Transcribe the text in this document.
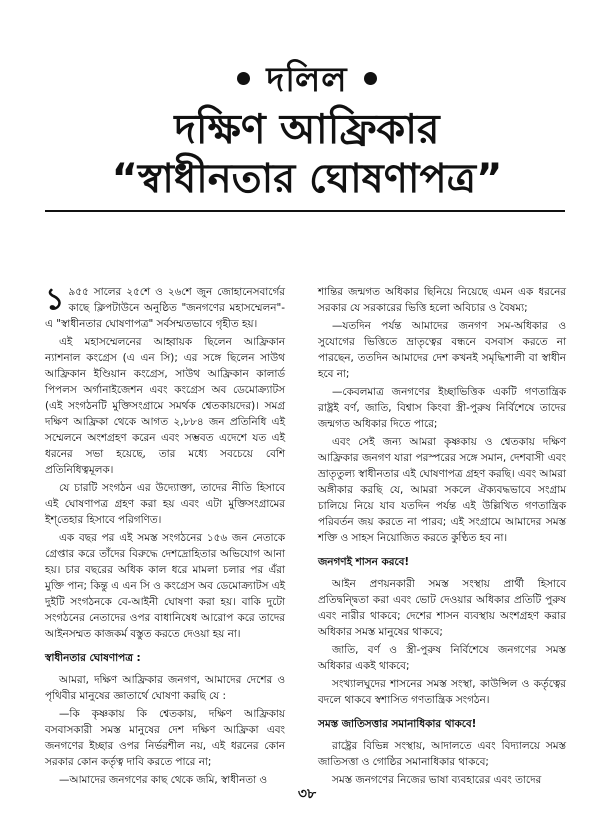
দলিল
দক্ষিণ আফ্রিকার
“স্বাধীনতার ঘোষণাপত্র”

১ ৯৫৫ সালের ২৫শে ও ২৬শে জুন জোহানেসবার্গের কাছে ক্লিপটাউনে অনুষ্ঠিত "জনগণের মহাসম্মেলন"-এ "স্বাধীনতার ঘোষণাপত্র" সর্বসম্মতভাবে গৃহীত হয়।

এই মহাসম্মেলনের আহ্বায়ক ছিলেন আফ্রিকান ন্যাশনাল কংগ্রেস (এ এন সি); এর সঙ্গে ছিলেন সাউথ আফ্রিকান ইণ্ডিয়ান কংগ্রেস, সাউথ আফ্রিকান কালার্ড পিপলস অর্গানাইজেশন এবং কংগ্রেস অব ডেমোক্র্যাটস (এই সংগঠনটি মুক্তিসংগ্রামে সমর্থক শ্বেতকায়দের)। সমগ্র দক্ষিণ আফ্রিকা থেকে আগত ২,৮৮৪ জন প্রতিনিধি এই সম্মেলনে অংশগ্রহণ করেন এবং সম্ভবত এদেশে যত এই ধরনের সভা হয়েছে, তার মধ্যে সবচেয়ে বেশি প্রতিনিধিত্বমূলক।

যে চারটি সংগঠন এর উদ্যোক্তা, তাদের নীতি হিসাবে এই ঘোষণাপত্র গ্রহণ করা হয় এবং এটা মুক্তিসংগ্রামের ইশ্‌তেহার হিসাবে পরিগণিত।

এক বছর পর এই সমস্ত সংগঠনের ১৫৬ জন নেতাকে গ্রেপ্তার করে তাঁদের বিরুদ্ধে দেশদ্রোহিতার অভিযোগ আনা হয়। চার বছরের অধিক কাল ধরে মামলা চলার পর এঁরা মুক্তি পান; কিন্তু এ এন সি ও কংগ্রেস অব ডেমোক্র্যাটস এই দুইটি সংগঠনকে বে-আইনী ঘোষণা করা হয়। বাকি দুটো সংগঠনের নেতাদের ওপর বাধানিষেধ আরোপ করে তাদের আইনসম্মত কাজকর্ম বস্তুত করতে দেওয়া হয় না।

স্বাধীনতার ঘোষণাপত্র :

আমরা, দক্ষিণ আফ্রিকার জনগণ, আমাদের দেশের ও পৃথিবীর মানুষের জ্ঞাতার্থে ঘোষণা করছি যে :

—কি কৃষ্ণকায় কি শ্বেতকায়, দক্ষিণ আফ্রিকায় বসবাসকারী সমস্ত মানুষের দেশ দক্ষিণ আফ্রিকা এবং জনগণের ইচ্ছার ওপর নির্ভরশীল নয়, এই ধরনের কোন সরকার কোন কর্তৃত্ব দাবি করতে পারে না;

—আমাদের জনগণের কাছ থেকে জমি, স্বাধীনতা ও

শান্তির জন্মগত অধিকার ছিনিয়ে নিয়েছে এমন এক ধরনের সরকার যে সরকারের ভিত্তি হলো অবিচার ও বৈষম্য;

—যতদিন পর্যন্ত আমাদের জনগণ সম-অধিকার ও সুযোগের ভিত্তিতে ভ্রাতৃত্বের বন্ধনে বসবাস করতে না পারছেন, ততদিন আমাদের দেশ কখনই সমৃদ্ধিশালী বা স্বাধীন হবে না;

—কেবলমাত্র জনগণের ইচ্ছাভিত্তিক একটি গণতান্ত্রিক রাষ্ট্রই বর্ণ, জাতি, বিশ্বাস কিংবা স্ত্রী-পুরুষ নির্বিশেষে তাদের জন্মগত অধিকার দিতে পারে;

এবং সেই জন্য আমরা কৃষ্ণকায় ও শ্বেতকায় দক্ষিণ আফ্রিকার জনগণ যারা পরস্পরের সঙ্গে সমান, দেশবাসী এবং ভ্রাতৃতুল্য স্বাধীনতার এই ঘোষণাপত্র গ্রহণ করছি। এবং আমরা অঙ্গীকার করছি যে, আমরা সকলে ঐক্যবদ্ধভাবে সংগ্রাম চালিয়ে নিয়ে যাব যতদিন পর্যন্ত এই উল্লিখিত গণতান্ত্রিক পরিবর্তন জয় করতে না পারব; এই সংগ্রামে আমাদের সমস্ত শক্তি ও সাহস নিয়োজিত করতে কুণ্ঠিত হব না।

জনগণই শাসন করবে!

আইন প্রণয়নকারী সমস্ত সংস্থায় প্রার্থী হিসাবে প্রতিদ্বন্দ্বিতা করা এবং ভোট দেওয়ার অধিকার প্রতিটি পুরুষ এবং নারীর থাকবে; দেশের শাসন ব্যবস্থায় অংশগ্রহণ করার অধিকার সমস্ত মানুষের থাকবে;

জাতি, বর্ণ ও স্ত্রী-পুরুষ নির্বিশেষে জনগণের সমস্ত অধিকার একই থাকবে;

সংখ্যালঘুদের শাসনের সমস্ত সংস্থা, কাউন্সিল ও কর্তৃত্বের বদলে থাকবে স্বশাসিত গণতান্ত্রিক সংগঠন।

সমস্ত জাতিসত্তার সমানাধিকার থাকবে!

রাষ্ট্রের বিভিন্ন সংস্থায়, আদালতে এবং বিদ্যালয়ে সমস্ত জাতিসত্তা ও গোষ্ঠির সমানাধিকার থাকবে;

সমস্ত জনগণের নিজের ভাষা ব্যবহারের এবং তাদের

৩৮
